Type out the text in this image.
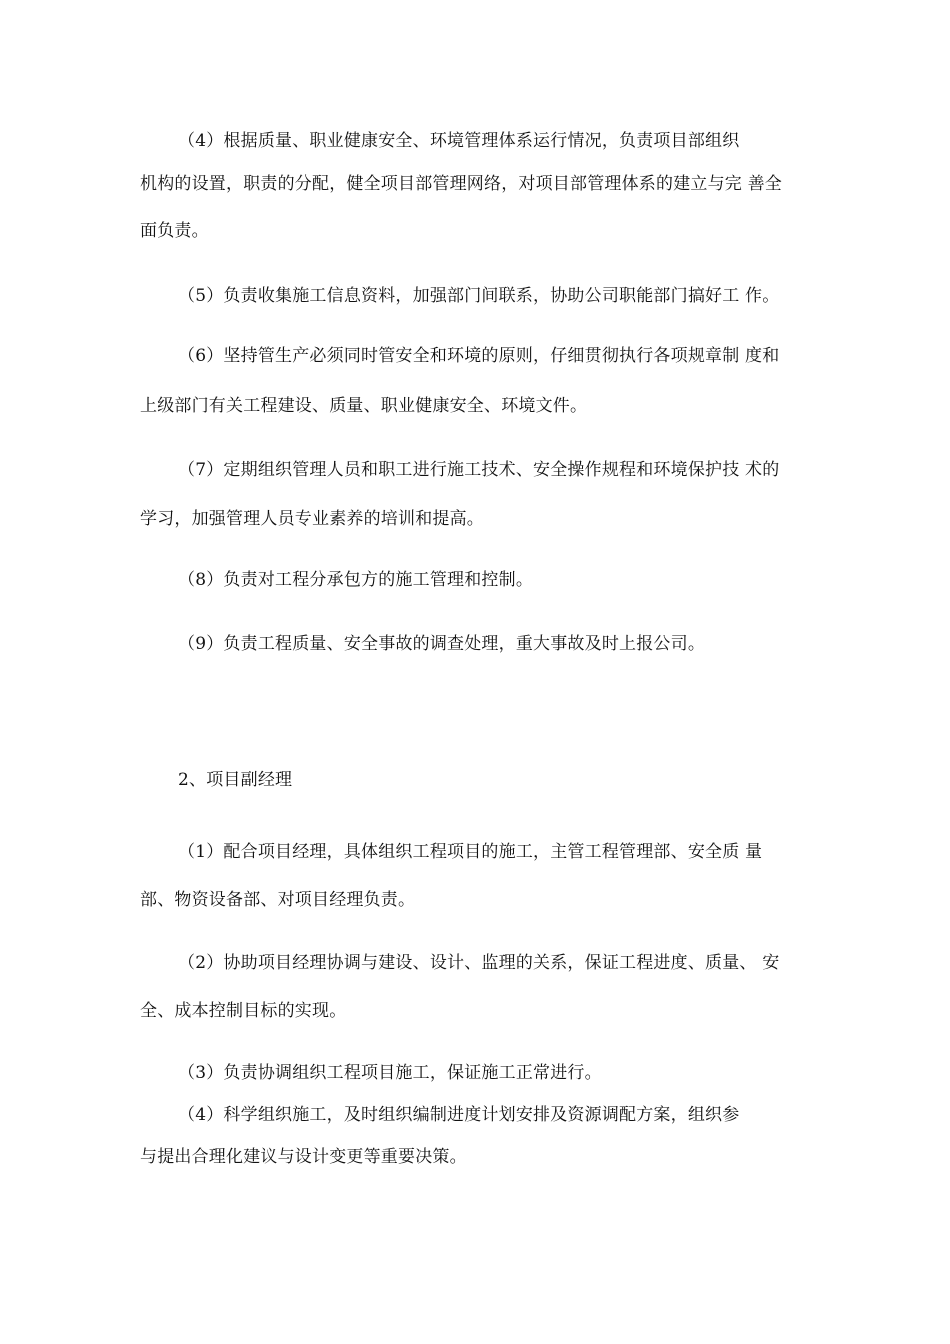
（4）根据质量、职业健康安全、环境管理体系运行情况，负责项目部组织
机构的设置，职责的分配，健全项目部管理网络，对项目部管理体系的建立与完 善全
面负责。
（5）负责收集施工信息资料，加强部门间联系，协助公司职能部门搞好工 作。
（6）坚持管生产必须同时管安全和环境的原则，仔细贯彻执行各项规章制 度和
上级部门有关工程建设、质量、职业健康安全、环境文件。
（7）定期组织管理人员和职工进行施工技术、安全操作规程和环境保护技 术的
学习，加强管理人员专业素养的培训和提高。
（8）负责对工程分承包方的施工管理和控制。
（9）负责工程质量、安全事故的调查处理，重大事故及时上报公司。
2、项目副经理
（1）配合项目经理，具体组织工程项目的施工，主管工程管理部、安全质 量
部、物资设备部、对项目经理负责。
（2）协助项目经理协调与建设、设计、监理的关系，保证工程进度、质量、 安
全、成本控制目标的实现。
（3）负责协调组织工程项目施工，保证施工正常进行。
（4）科学组织施工，及时组织编制进度计划安排及资源调配方案，组织参
与提出合理化建议与设计变更等重要决策。
